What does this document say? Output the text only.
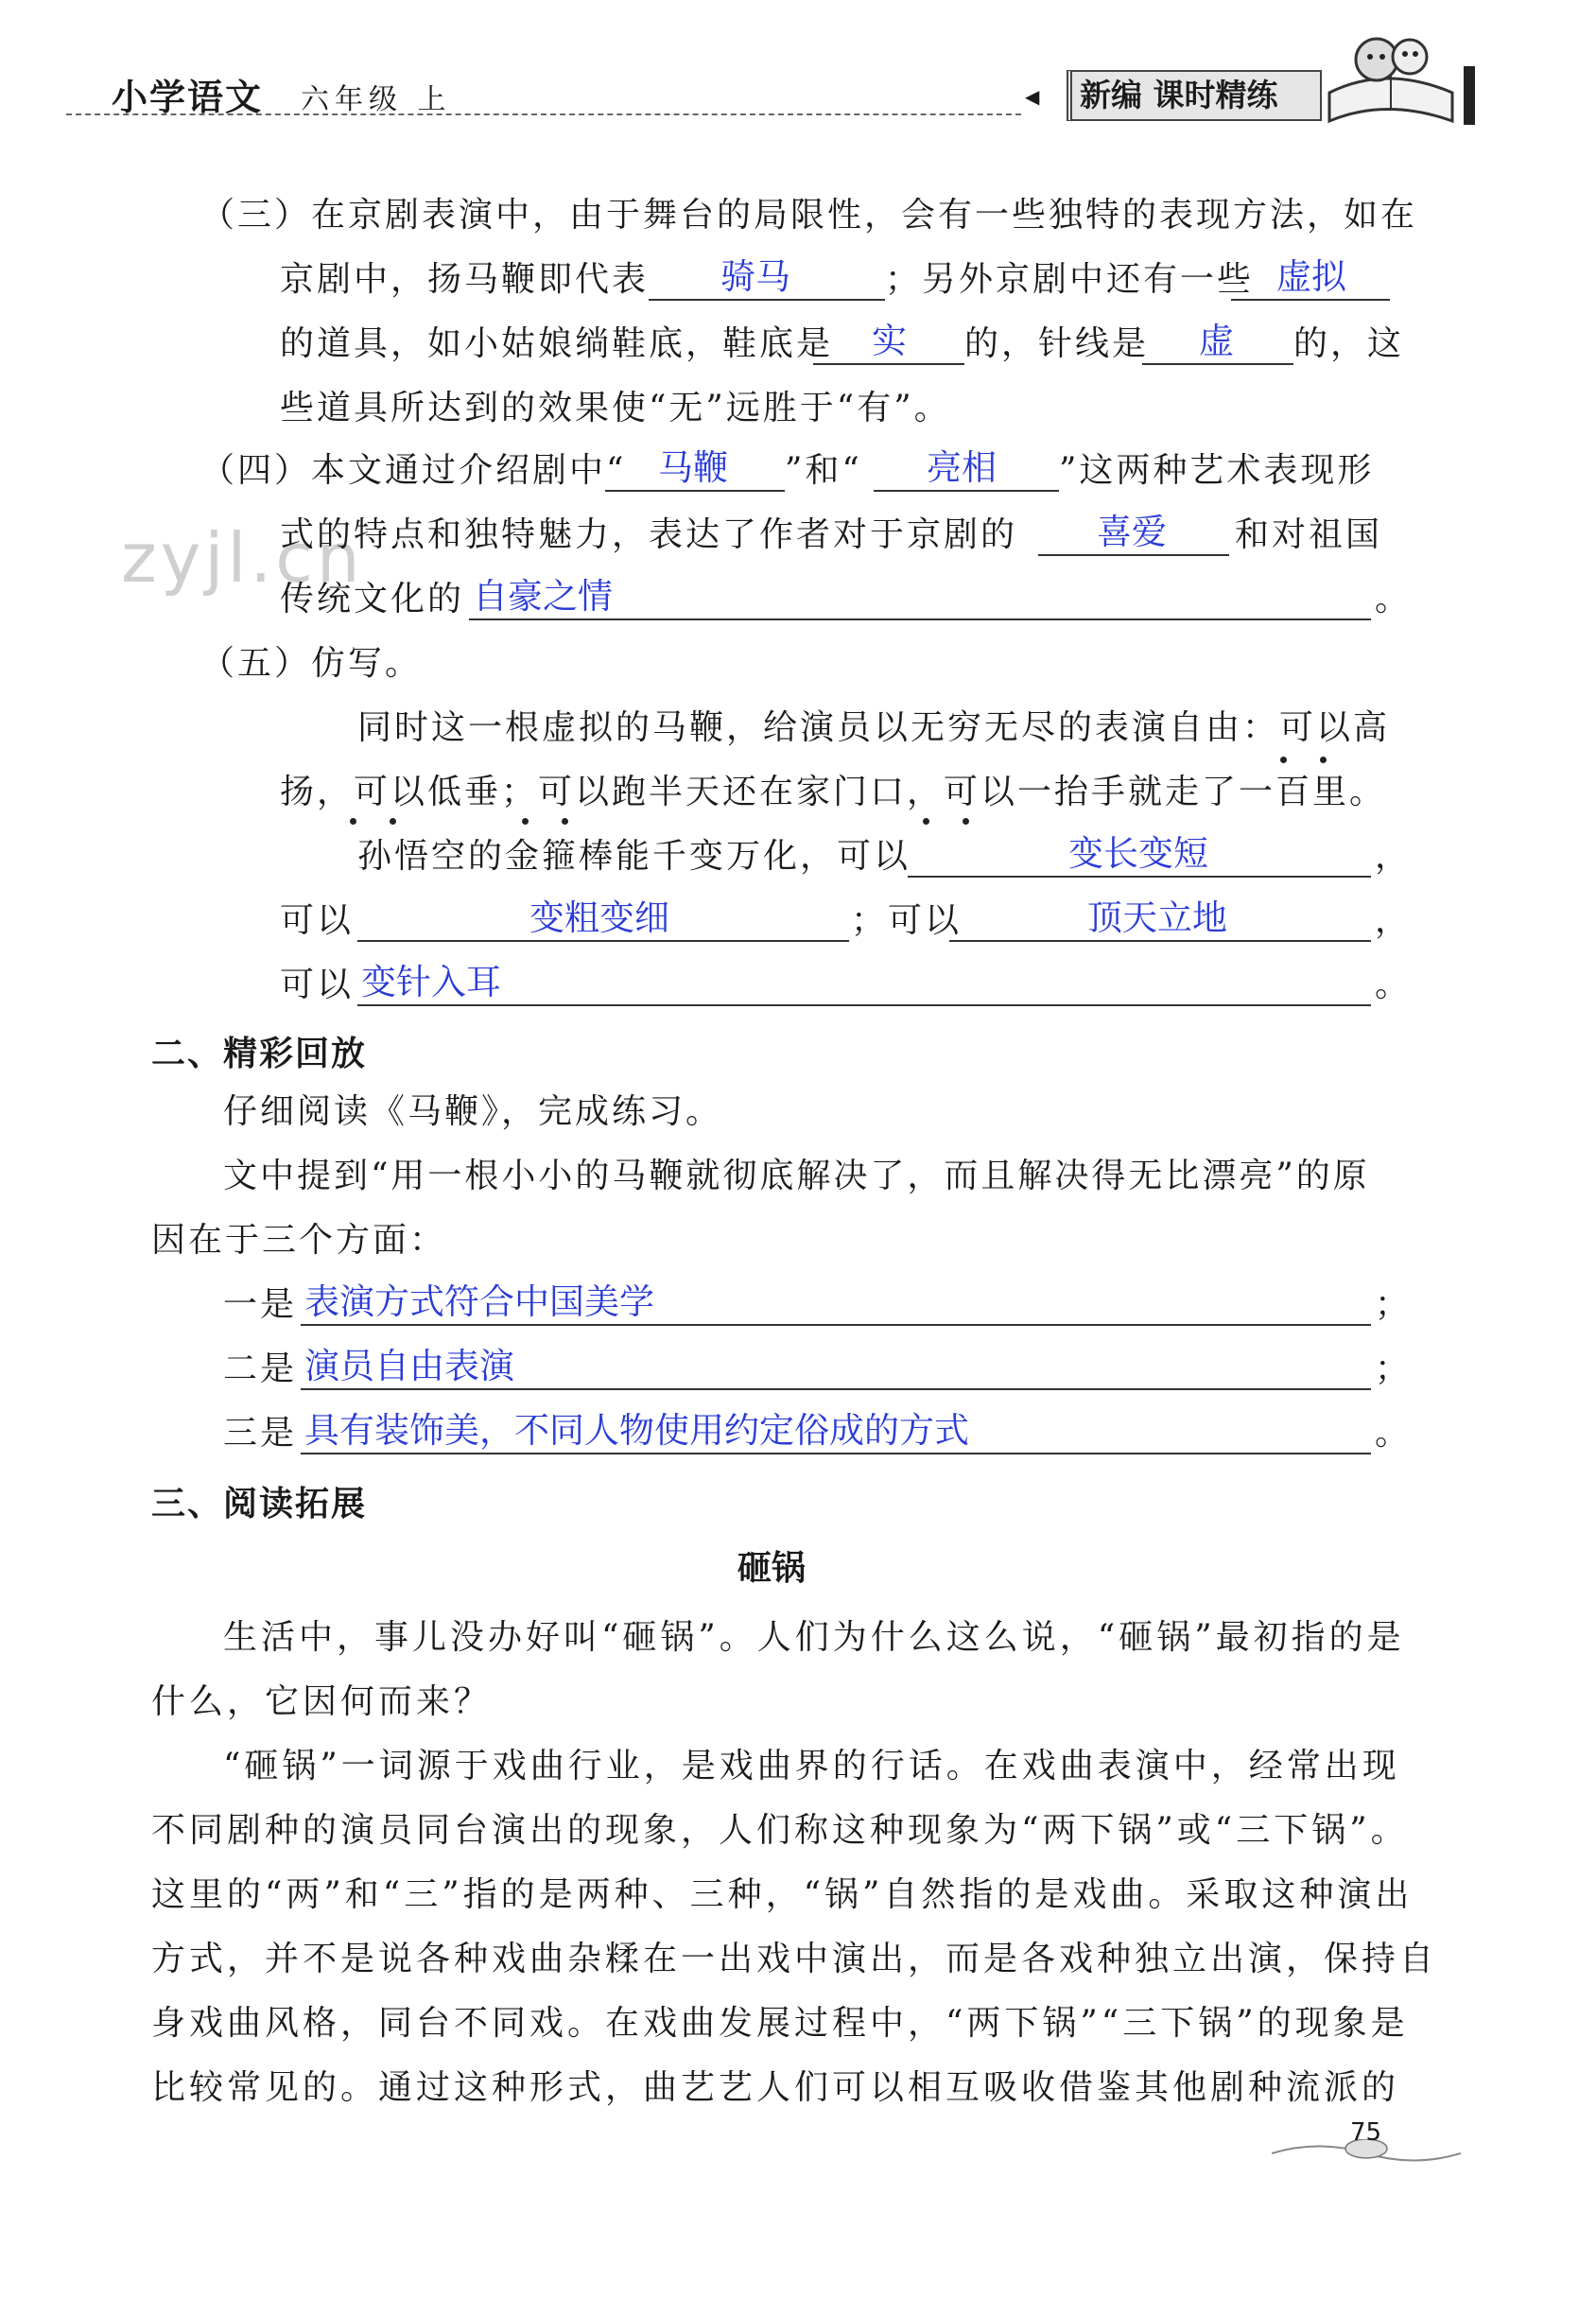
小学语文 六年级 上	◀	新编 课时精练
zyjl.cn
（三）在京剧表演中，由于舞台的局限性，会有一些独特的表现方法，如在
京剧中，扬马鞭即代表 骑马	；另外京剧中还有一些 虚拟
的道具，如小姑娘绱鞋底，鞋底是 实 的，针线是 虚 的，这
些道具所达到的效果使“无”远胜于“有”。
（四）本文通过介绍剧中“ 马鞭 ”和“ 亮相 ”这两种艺术表现形
式的特点和独特魅力，表达了作者对于京剧的 喜爱 和对祖国
传统文化的 自豪之情	。
（五）仿写。
同时这一根虚拟的马鞭，给演员以无穷无尽的表演自由：可以高
扬，可以低垂；可以跑半天还在家门口，可以一抬手就走了一百里。
孙悟空的金箍棒能千变万化，可以	变长变短	，
可以	变粗变细	；可以	顶天立地	，
可以 变针入耳	。
二、精彩回放
仔细阅读《马鞭》，完成练习。
文中提到“用一根小小的马鞭就彻底解决了，而且解决得无比漂亮”的原
因在于三个方面：
一是 表演方式符合中国美学	；
二是 演员自由表演	；
三是 具有装饰美，不同人物使用约定俗成的方式	。
三、阅读拓展
砸锅
生活中，事儿没办好叫“砸锅”。人们为什么这么说，“砸锅”最初指的是
什么，它因何而来？
“砸锅”一词源于戏曲行业，是戏曲界的行话。在戏曲表演中，经常出现
不同剧种的演员同台演出的现象，人们称这种现象为“两下锅”或“三下锅”。
这里的“两”和“三”指的是两种、三种，“锅”自然指的是戏曲。采取这种演出
方式，并不是说各种戏曲杂糅在一出戏中演出，而是各戏种独立出演，保持自
身戏曲风格，同台不同戏。在戏曲发展过程中，“两下锅”“三下锅”的现象是
比较常见的。通过这种形式，曲艺艺人们可以相互吸收借鉴其他剧种流派的
75
